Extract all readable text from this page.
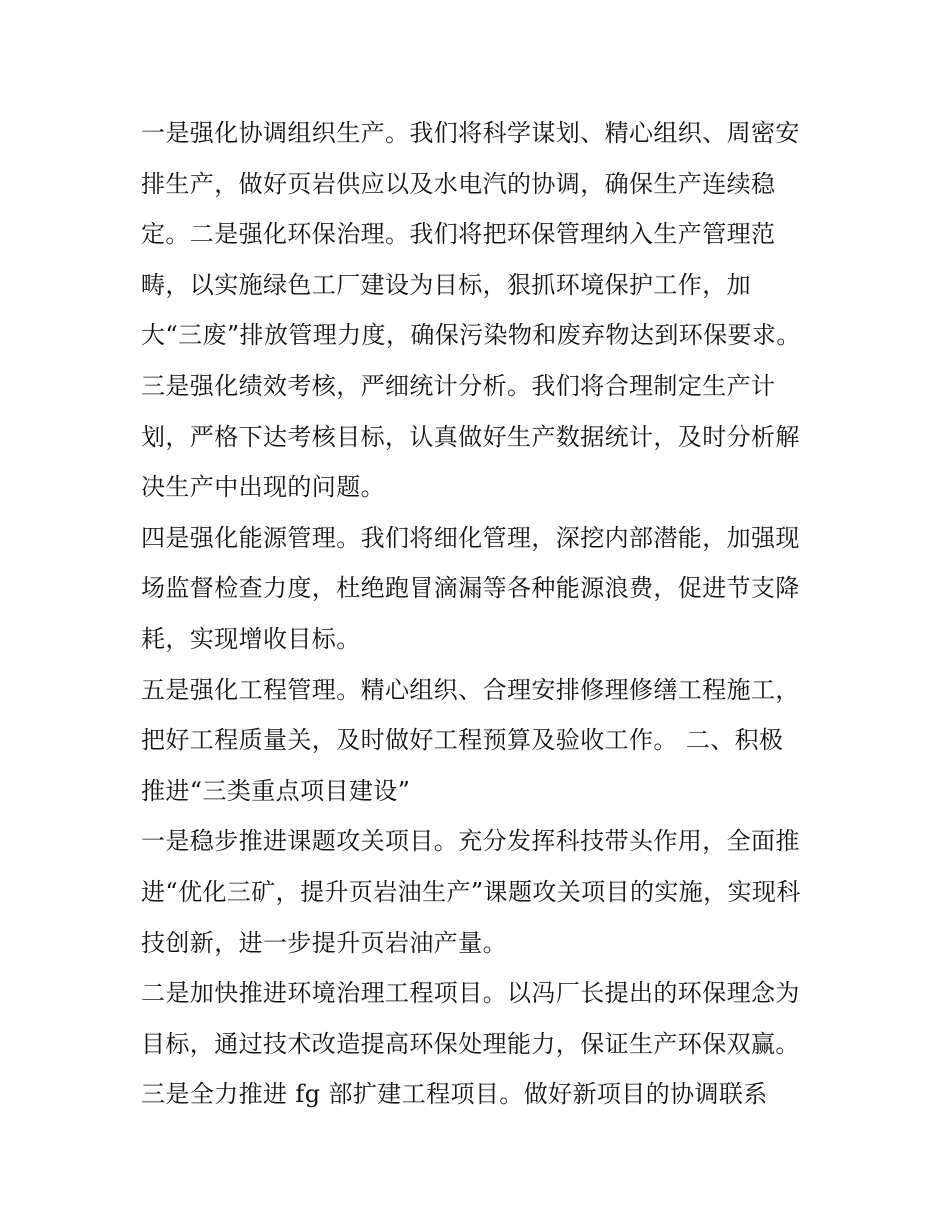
一是强化协调组织生产。我们将科学谋划、精心组织、周密安
排生产，做好页岩供应以及水电汽的协调，确保生产连续稳
定。二是强化环保治理。我们将把环保管理纳入生产管理范
畴，以实施绿色工厂建设为目标，狠抓环境保护工作，加
大“三废”排放管理力度，确保污染物和废弃物达到环保要求。
三是强化绩效考核，严细统计分析。我们将合理制定生产计
划，严格下达考核目标，认真做好生产数据统计，及时分析解
决生产中出现的问题。
四是强化能源管理。我们将细化管理，深挖内部潜能，加强现
场监督检查力度，杜绝跑冒滴漏等各种能源浪费，促进节支降
耗，实现增收目标。
五是强化工程管理。精心组织、合理安排修理修缮工程施工，
把好工程质量关，及时做好工程预算及验收工作。 二、积极
推进“三类重点项目建设”
一是稳步推进课题攻关项目。充分发挥科技带头作用，全面推
进“优化三矿，提升页岩油生产”课题攻关项目的实施，实现科
技创新，进一步提升页岩油产量。
二是加快推进环境治理工程项目。以冯厂长提出的环保理念为
目标，通过技术改造提高环保处理能力，保证生产环保双赢。
三是全力推进 fg 部扩建工程项目。做好新项目的协调联系
